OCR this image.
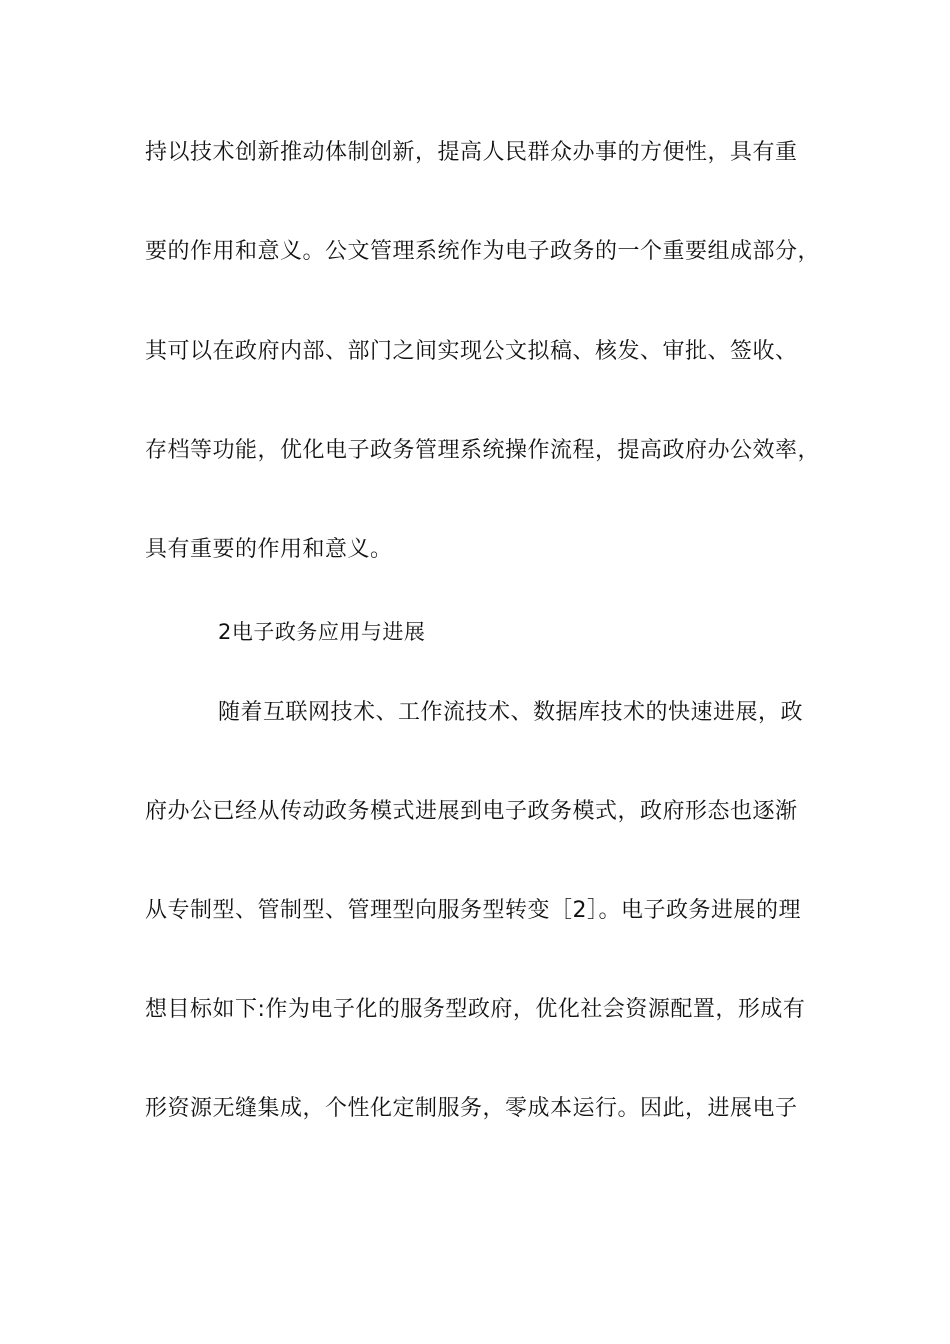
持以技术创新推动体制创新，提高人民群众办事的方便性，具有重
要的作用和意义。公文管理系统作为电子政务的一个重要组成部分，
其可以在政府内部、部门之间实现公文拟稿、核发、审批、签收、
存档等功能，优化电子政务管理系统操作流程，提高政府办公效率，
具有重要的作用和意义。
2电子政务应用与进展
随着互联网技术、工作流技术、数据库技术的快速进展，政
府办公已经从传动政务模式进展到电子政务模式，政府形态也逐渐
从专制型、管制型、管理型向服务型转变［2］。电子政务进展的理
想目标如下:作为电子化的服务型政府，优化社会资源配置，形成有
形资源无缝集成，个性化定制服务，零成本运行。因此，进展电子
